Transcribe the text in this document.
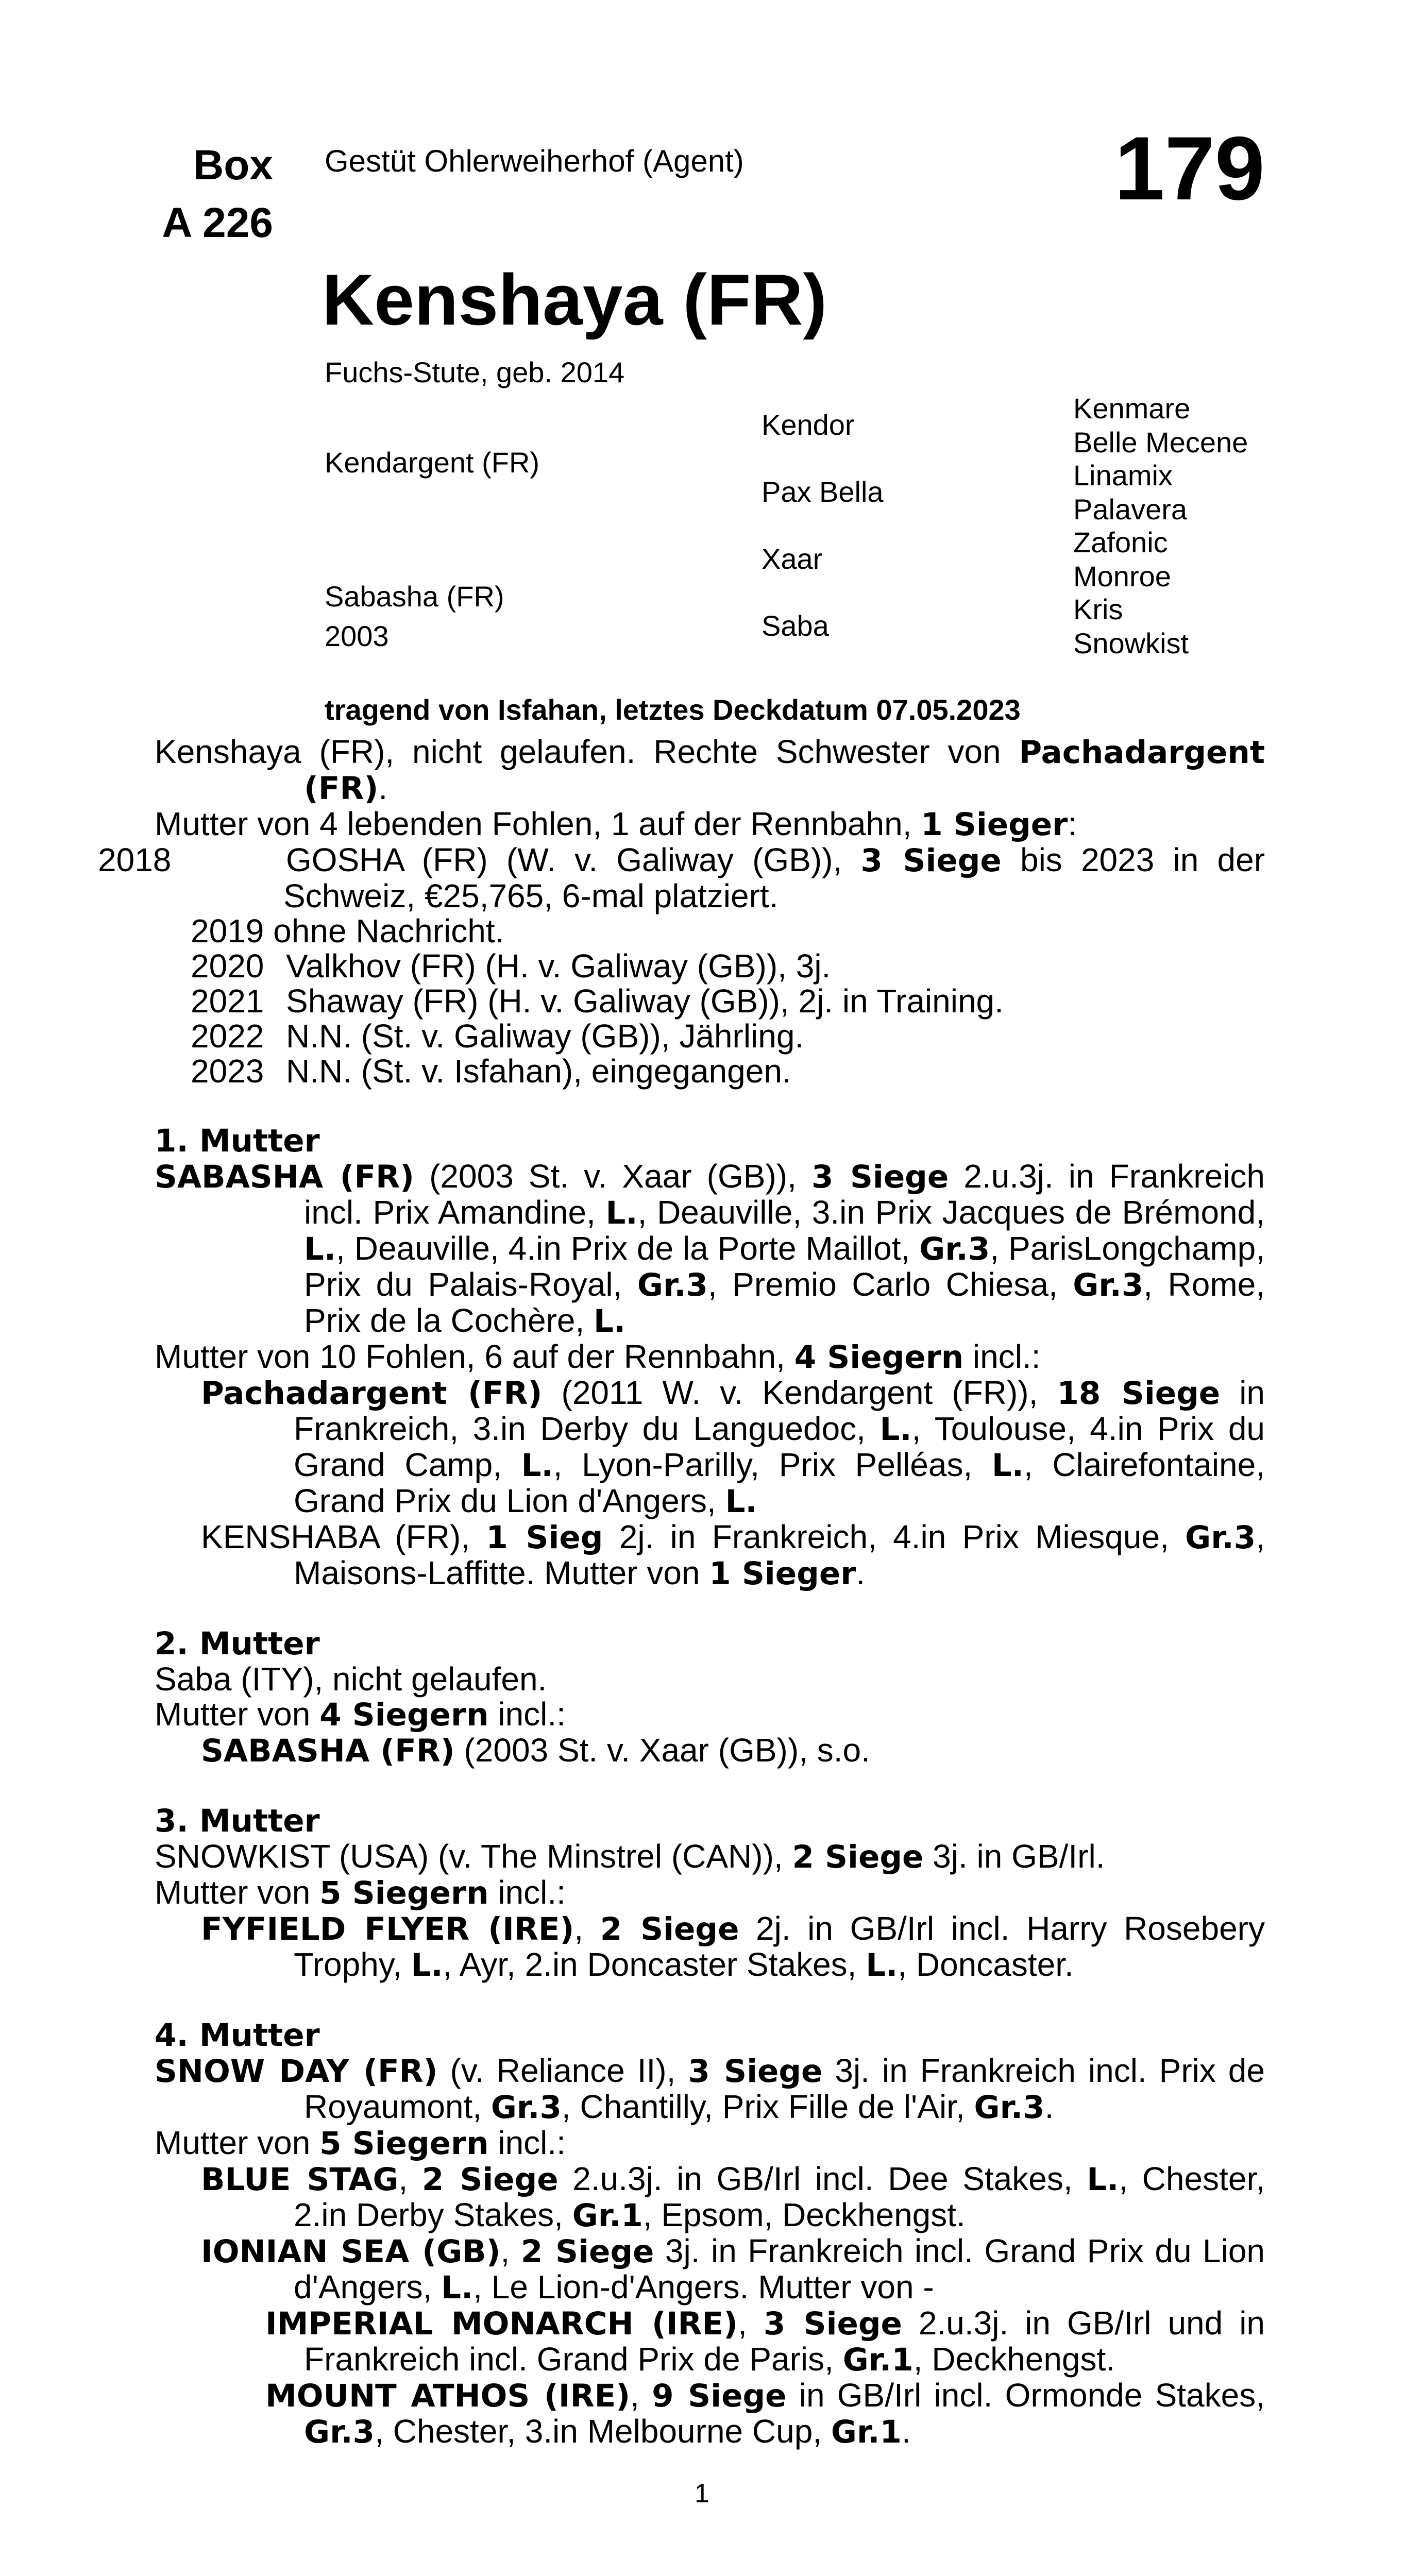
Box
A 226
Gestüt Ohlerweiherhof (Agent)	179
Kenshaya (FR)
Fuchs-Stute, geb. 2014
Kendargent (FR)
Sabasha (FR)
2003
Kendor
Pax Bella
Xaar
Saba
Kenmare
Belle Mecene
Linamix
Palavera
Zafonic
Monroe
Kris
Snowkist
tragend von Isfahan, letztes Deckdatum 07.05.2023

Kenshaya (FR), nicht gelaufen. Rechte Schwester von Pachadargent (FR).

Mutter von 4 lebenden Fohlen, 1 auf der Rennbahn, 1 Sieger:

2018	GOSHA (FR) (W. v. Galiway (GB)), 3 Siege bis 2023 in der Schweiz, €25,765, 6-mal platziert.

2019 ohne Nachricht.

2020 Valkhov (FR) (H. v. Galiway (GB)), 3j.

2021 Shaway (FR) (H. v. Galiway (GB)), 2j. in Training.

2022 N.N. (St. v. Galiway (GB)), Jährling.

2023 N.N. (St. v. Isfahan), eingegangen.

1. Mutter

SABASHA (FR) (2003 St. v. Xaar (GB)), 3 Siege 2.u.3j. in Frankreich incl. Prix Amandine, L., Deauville, 3.in Prix Jacques de Brémond, L., Deauville, 4.in Prix de la Porte Maillot, Gr.3, ParisLongchamp, Prix du Palais-Royal, Gr.3, Premio Carlo Chiesa, Gr.3, Rome, Prix de la Cochère, L.

Mutter von 10 Fohlen, 6 auf der Rennbahn, 4 Siegern incl.:

Pachadargent (FR) (2011 W. v. Kendargent (FR)), 18 Siege in Frankreich, 3.in Derby du Languedoc, L., Toulouse, 4.in Prix du Grand Camp, L., Lyon-Parilly, Prix Pelléas, L., Clairefontaine, Grand Prix du Lion d'Angers, L.

KENSHABA (FR), 1 Sieg 2j. in Frankreich, 4.in Prix Miesque, Gr.3, Maisons-Laffitte. Mutter von 1 Sieger.

2. Mutter

Saba (ITY), nicht gelaufen.

Mutter von 4 Siegern incl.:

SABASHA (FR) (2003 St. v. Xaar (GB)), s.o.

3. Mutter

SNOWKIST (USA) (v. The Minstrel (CAN)), 2 Siege 3j. in GB/Irl.

Mutter von 5 Siegern incl.:

FYFIELD FLYER (IRE), 2 Siege 2j. in GB/Irl incl. Harry Rosebery Trophy, L., Ayr, 2.in Doncaster Stakes, L., Doncaster.

4. Mutter

SNOW DAY (FR) (v. Reliance II), 3 Siege 3j. in Frankreich incl. Prix de Royaumont, Gr.3, Chantilly, Prix Fille de l'Air, Gr.3.

Mutter von 5 Siegern incl.:

BLUE STAG, 2 Siege 2.u.3j. in GB/Irl incl. Dee Stakes, L., Chester, 2.in Derby Stakes, Gr.1, Epsom, Deckhengst.

IONIAN SEA (GB), 2 Siege 3j. in Frankreich incl. Grand Prix du Lion d'Angers, L., Le Lion-d'Angers. Mutter von -

IMPERIAL MONARCH (IRE), 3 Siege 2.u.3j. in GB/Irl und in Frankreich incl. Grand Prix de Paris, Gr.1, Deckhengst.

MOUNT ATHOS (IRE), 9 Siege in GB/Irl incl. Ormonde Stakes, Gr.3, Chester, 3.in Melbourne Cup, Gr.1.

1
